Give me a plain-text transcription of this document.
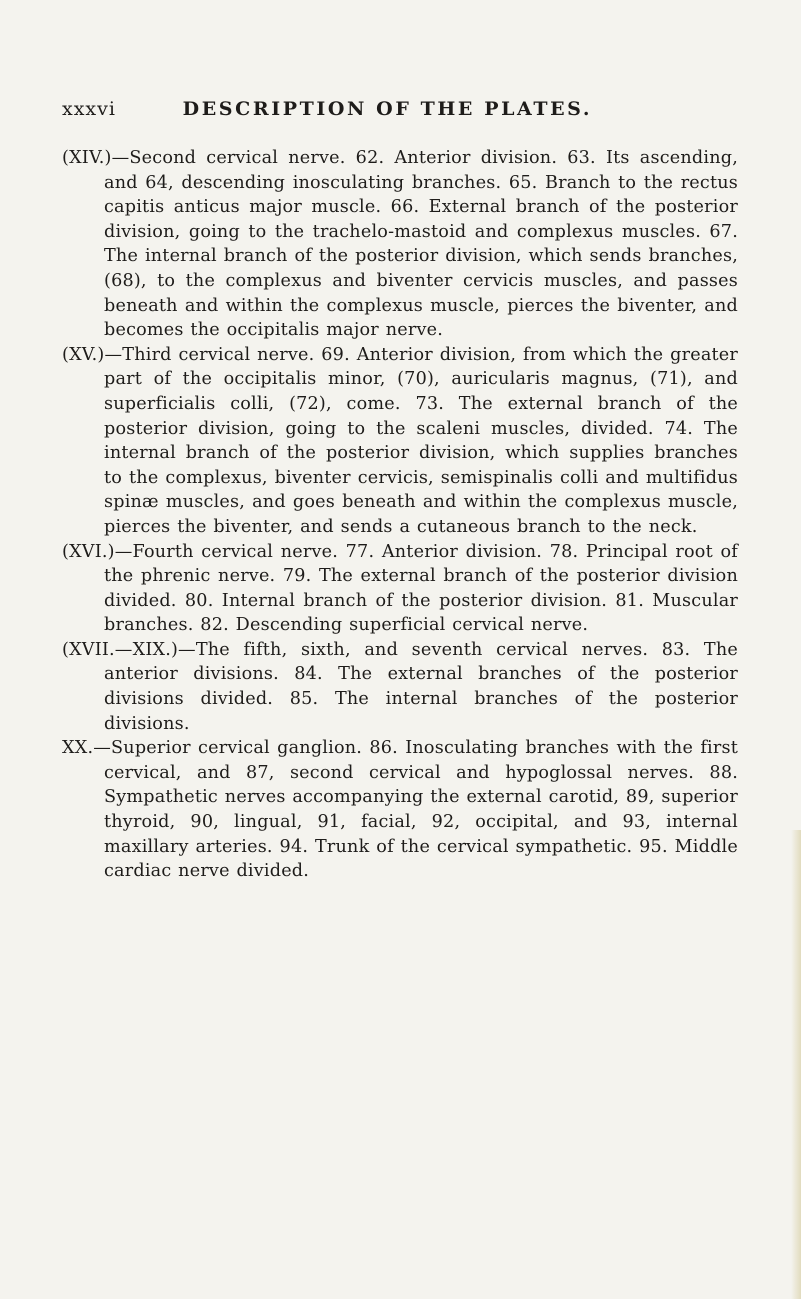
xxxvi	DESCRIPTION OF THE PLATES.

(XIV.)—Second cervical nerve. 62. Anterior division. 63. Its ascending, and 64, descending inosculating branches. 65. Branch to the rectus capitis anticus major muscle. 66. External branch of the posterior division, going to the trachelo-mastoid and complexus muscles. 67. The internal branch of the posterior division, which sends branches, (68), to the complexus and biventer cervicis muscles, and passes beneath and within the complexus muscle, pierces the biventer, and becomes the occipitalis major nerve.

(XV.)—Third cervical nerve. 69. Anterior division, from which the greater part of the occipitalis minor, (70), auricularis magnus, (71), and superficialis colli, (72), come. 73. The external branch of the posterior division, going to the scaleni muscles, divided. 74. The internal branch of the posterior division, which supplies branches to the complexus, biventer cervicis, semispinalis colli and multifidus spinæ muscles, and goes beneath and within the complexus muscle, pierces the biventer, and sends a cutaneous branch to the neck.

(XVI.)—Fourth cervical nerve. 77. Anterior division. 78. Principal root of the phrenic nerve. 79. The external branch of the posterior division divided. 80. Internal branch of the posterior division. 81. Muscular branches. 82. Descending superficial cervical nerve.

(XVII.—XIX.)—The fifth, sixth, and seventh cervical nerves. 83. The anterior divisions. 84. The external branches of the posterior divisions divided. 85. The internal branches of the posterior divisions.

XX.—Superior cervical ganglion. 86. Inosculating branches with the first cervical, and 87, second cervical and hypoglossal nerves. 88. Sympathetic nerves accompanying the external carotid, 89, superior thyroid, 90, lingual, 91, facial, 92, occipital, and 93, internal maxillary arteries. 94. Trunk of the cervical sympathetic. 95. Middle cardiac nerve divided.
